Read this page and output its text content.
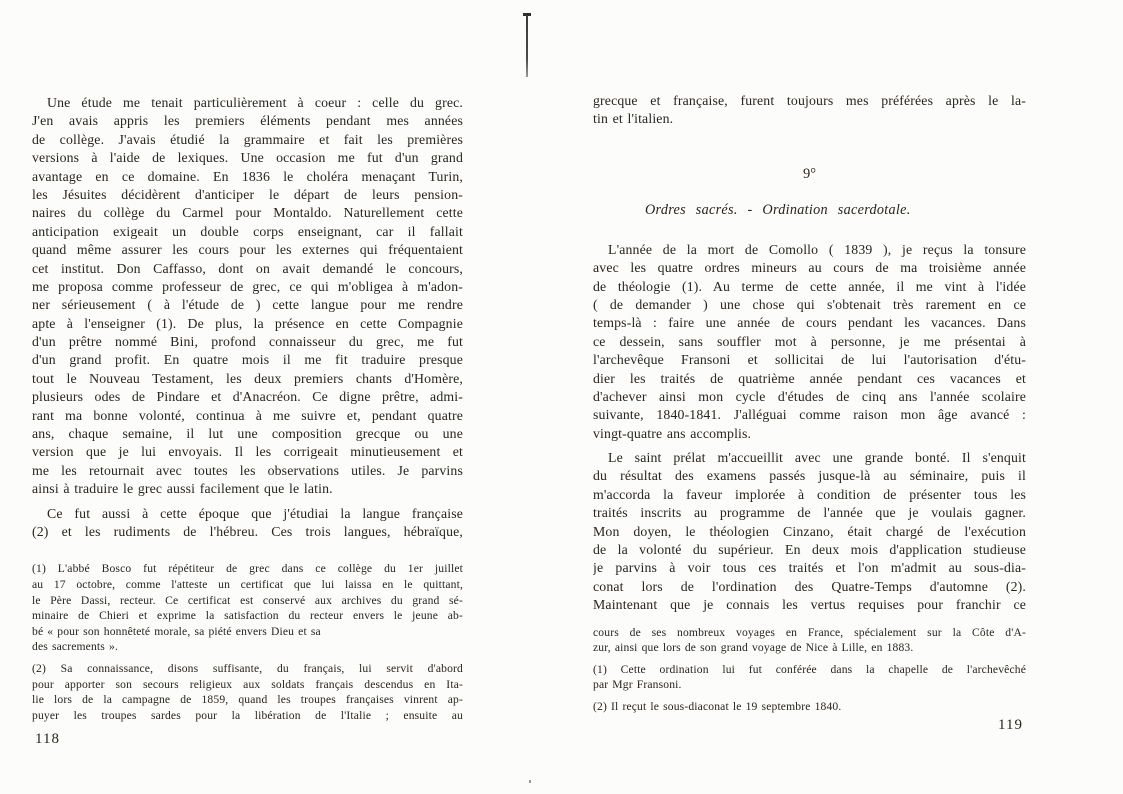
Une étude me tenait particulièrement à coeur : celle du grec.
J'en avais appris les premiers éléments pendant mes années
de collège. J'avais étudié la grammaire et fait les premières
versions à l'aide de lexiques. Une occasion me fut d'un grand
avantage en ce domaine. En 1836 le choléra menaçant Turin,
les Jésuites décidèrent d'anticiper le départ de leurs pension-
naires du collège du Carmel pour Montaldo. Naturellement cette
anticipation exigeait un double corps enseignant, car il fallait
quand même assurer les cours pour les externes qui fréquentaient
cet institut. Don Caffasso, dont on avait demandé le concours,
me proposa comme professeur de grec, ce qui m'obligea à m'adon-
ner sérieusement ( à l'étude de ) cette langue pour me rendre
apte à l'enseigner (1). De plus, la présence en cette Compagnie
d'un prêtre nommé Bini, profond connaisseur du grec, me fut
d'un grand profit. En quatre mois il me fit traduire presque
tout le Nouveau Testament, les deux premiers chants d'Homère,
plusieurs odes de Pindare et d'Anacréon. Ce digne prêtre, admi-
rant ma bonne volonté, continua à me suivre et, pendant quatre
ans, chaque semaine, il lut une composition grecque ou une
version que je lui envoyais. Il les corrigeait minutieusement et
me les retournait avec toutes les observations utiles. Je parvins
ainsi à traduire le grec aussi facilement que le latin.
Ce fut aussi à cette époque que j'étudiai la langue française
(2) et les rudiments de l'hébreu. Ces trois langues, hébraïque,
(1) L'abbé Bosco fut répétiteur de grec dans ce collège du 1er juillet
au 17 octobre, comme l'atteste un certificat que lui laissa en le quittant,
le Père Dassi, recteur. Ce certificat est conservé aux archives du grand sé-
minaire de Chieri et exprime la satisfaction du recteur envers le jeune ab-
bé « pour son honnêteté morale, sa piété envers Dieu et sa
des sacrements ».
(2) Sa connaissance, disons suffisante, du français, lui servit d'abord
pour apporter son secours religieux aux soldats français descendus en Ita-
lie lors de la campagne de 1859, quand les troupes françaises vinrent ap-
puyer les troupes sardes pour la libération de l'Italie ; ensuite au
grecque et française, furent toujours mes préférées après le la-
tin et l'italien.
9°
Ordres sacrés. - Ordination sacerdotale.
L'année de la mort de Comollo ( 1839 ), je reçus la tonsure
avec les quatre ordres mineurs au cours de ma troisième année
de théologie (1). Au terme de cette année, il me vint à l'idée
( de demander ) une chose qui s'obtenait très rarement en ce
temps-là : faire une année de cours pendant les vacances. Dans
ce dessein, sans souffler mot à personne, je me présentai à
l'archevêque Fransoni et sollicitai de lui l'autorisation d'étu-
dier les traités de quatrième année pendant ces vacances et
d'achever ainsi mon cycle d'études de cinq ans l'année scolaire
suivante, 1840-1841. J'alléguai comme raison mon âge avancé :
vingt-quatre ans accomplis.
Le saint prélat m'accueillit avec une grande bonté. Il s'enquit
du résultat des examens passés jusque-là au séminaire, puis il
m'accorda la faveur implorée à condition de présenter tous les
traités inscrits au programme de l'année que je voulais gagner.
Mon doyen, le théologien Cinzano, était chargé de l'exécution
de la volonté du supérieur. En deux mois d'application studieuse
je parvins à voir tous ces traités et l'on m'admit au sous-dia-
conat lors de l'ordination des Quatre-Temps d'automne (2).
Maintenant que je connais les vertus requises pour franchir ce
cours de ses nombreux voyages en France, spécialement sur la Côte d'A-
zur, ainsi que lors de son grand voyage de Nice à Lille, en 1883.
(1) Cette ordination lui fut conférée dans la chapelle de l'archevêché
par Mgr Fransoni.
(2) Il reçut le sous-diaconat le 19 septembre 1840.
118
119
